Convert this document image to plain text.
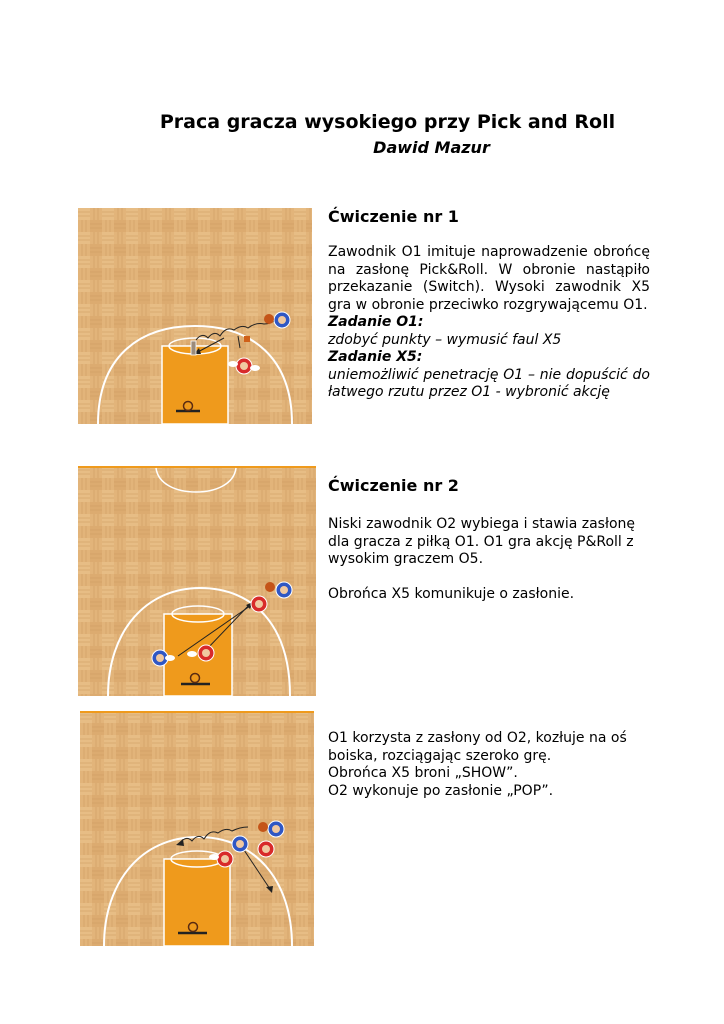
Praca gracza wysokiego przy Pick and Roll
Dawid Mazur
Ćwiczenie nr 1
Zawodnik O1 imituje naprowadzenie obrońcę na zasłonę Pick&Roll. W obronie nastąpiło przekazanie (Switch). Wysoki zawodnik X5 gra w obronie przeciwko rozgrywającemu O1.
Zadanie O1:
zdobyć punkty – wymusić faul X5
Zadanie X5:
uniemożliwić penetrację O1 – nie dopuścić do łatwego rzutu przez O1 - wybronić akcję
Ćwiczenie nr 2
Niski zawodnik O2 wybiega i stawia zasłonę dla gracza z piłką O1. O1 gra akcję P&Roll z wysokim graczem O5.
Obrońca X5 komunikuje o zasłonie.
O1 korzysta z zasłony od O2, kozłuje na oś boiska, rozciągając szeroko grę.
Obrońca X5 broni „SHOW”.
O2 wykonuje po zasłonie „POP”.
